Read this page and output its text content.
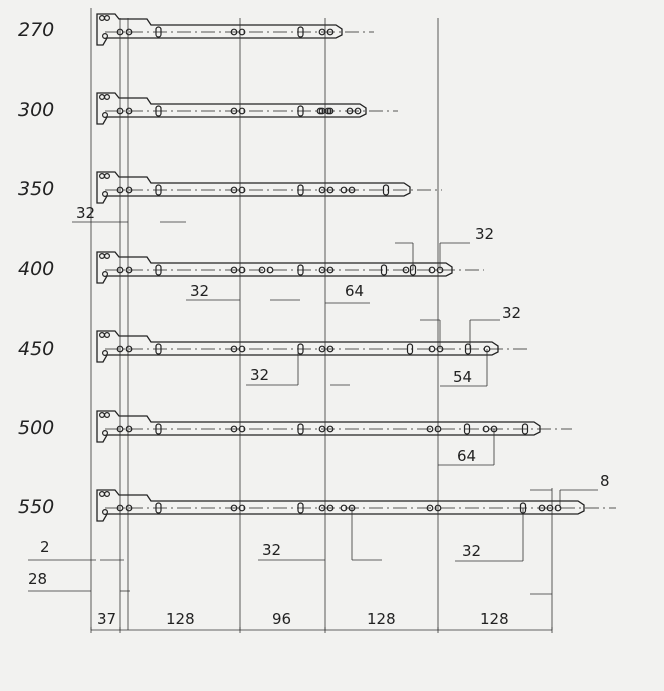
270
300
350
400
450
500
550
37	128	96	128	128
2
28
32
32	64
32
32	54
32
64
8
32	32
